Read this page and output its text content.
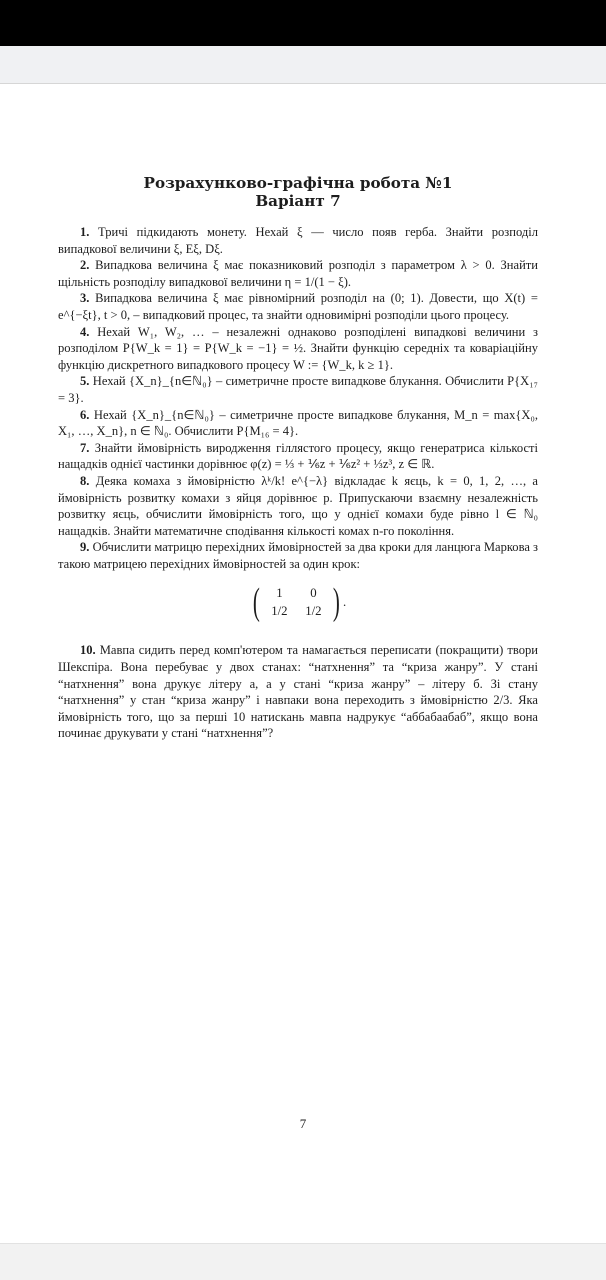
Розрахунково-графічна робота №1
Варіант 7

1. Тричі підкидають монету. Нехай ξ — число появ герба. Знайти розподіл випадкової величини ξ, Eξ, Dξ.

2. Випадкова величина ξ має показниковий розподіл з параметром λ > 0. Знайти щільність розподілу випадкової величини η = 1/(1 − ξ).

3. Випадкова величина ξ має рівномірний розподіл на (0; 1). Довести, що X(t) = e^{−ξt}, t > 0, – випадковий процес, та знайти одновимірні розподіли цього процесу.

4. Нехай W₁, W₂, … – незалежні однаково розподілені випадкові величини з розподілом P{W_k = 1} = P{W_k = −1} = ½. Знайти функцію середніх та коваріаційну функцію дискретного випадкового процесу W := {W_k, k ≥ 1}.

5. Нехай {X_n}_{n∈ℕ₀} – симетричне просте випадкове блукання. Обчислити P{X₁₇ = 3}.

6. Нехай {X_n}_{n∈ℕ₀} – симетричне просте випадкове блукання, M_n = max{X₀, X₁, …, X_n}, n ∈ ℕ₀. Обчислити P{M₁₆ = 4}.

7. Знайти ймовірність виродження гіллястого процесу, якщо генератриса кількості нащадків однієї частинки дорівнює φ(z) = ⅓ + ⅙z + ⅙z² + ⅓z³, z ∈ ℝ.

8. Деяка комаха з ймовірністю λᵏ/k! e^{−λ} відкладає k яєць, k = 0, 1, 2, …, а ймовірність розвитку комахи з яйця дорівнює p. Припускаючи взаємну незалежність розвитку яєць, обчислити ймовірність того, що у однієї комахи буде рівно l ∈ ℕ₀ нащадків. Знайти математичне сподівання кількості комах n-го покоління.

9. Обчислити матрицю перехідних ймовірностей за два кроки для ланцюга Маркова з такою матрицею перехідних ймовірностей за один крок:

(	1	0
1/2	1/2 ) .

10. Мавпа сидить перед комп'ютером та намагається переписати (покращити) твори Шекспіра. Вона перебуває у двох станах: “натхнення” та “криза жанру”. У стані “натхнення” вона друкує літеру а, а у стані “криза жанру” – літеру б. Зі стану “натхнення” у стан “криза жанру” і навпаки вона переходить з ймовірністю 2/3. Яка ймовірність того, що за перші 10 натискань мавпа надрукує “аббабаабаб”, якщо вона починає друкувати у стані “натхнення”?

7
